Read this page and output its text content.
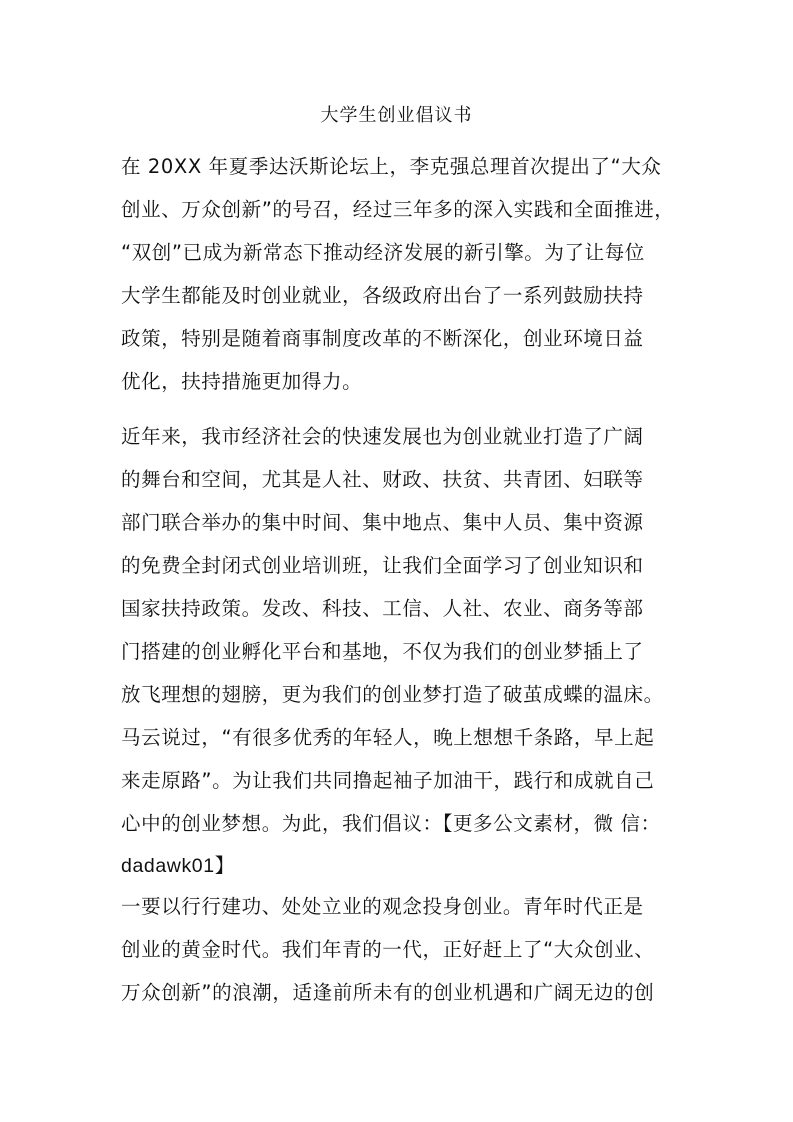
大学生创业倡议书
在 20XX 年夏季达沃斯论坛上，李克强总理首次提出了“大众
创业、万众创新”的号召，经过三年多的深入实践和全面推进，
“双创”已成为新常态下推动经济发展的新引擎。为了让每位
大学生都能及时创业就业，各级政府出台了一系列鼓励扶持
政策，特别是随着商事制度改革的不断深化，创业环境日益
优化，扶持措施更加得力。
近年来，我市经济社会的快速发展也为创业就业打造了广阔
的舞台和空间，尤其是人社、财政、扶贫、共青团、妇联等
部门联合举办的集中时间、集中地点、集中人员、集中资源
的免费全封闭式创业培训班，让我们全面学习了创业知识和
国家扶持政策。发改、科技、工信、人社、农业、商务等部
门搭建的创业孵化平台和基地，不仅为我们的创业梦插上了
放飞理想的翅膀，更为我们的创业梦打造了破茧成蝶的温床。
马云说过，“有很多优秀的年轻人，晚上想想千条路，早上起
来走原路”。为让我们共同撸起袖子加油干，践行和成就自己
心中的创业梦想。为此，我们倡议：【更多公文素材，微 信：
dadawk01】
一要以行行建功、处处立业的观念投身创业。青年时代正是
创业的黄金时代。我们年青的一代，正好赶上了“大众创业、
万众创新”的浪潮，适逢前所未有的创业机遇和广阔无边的创
